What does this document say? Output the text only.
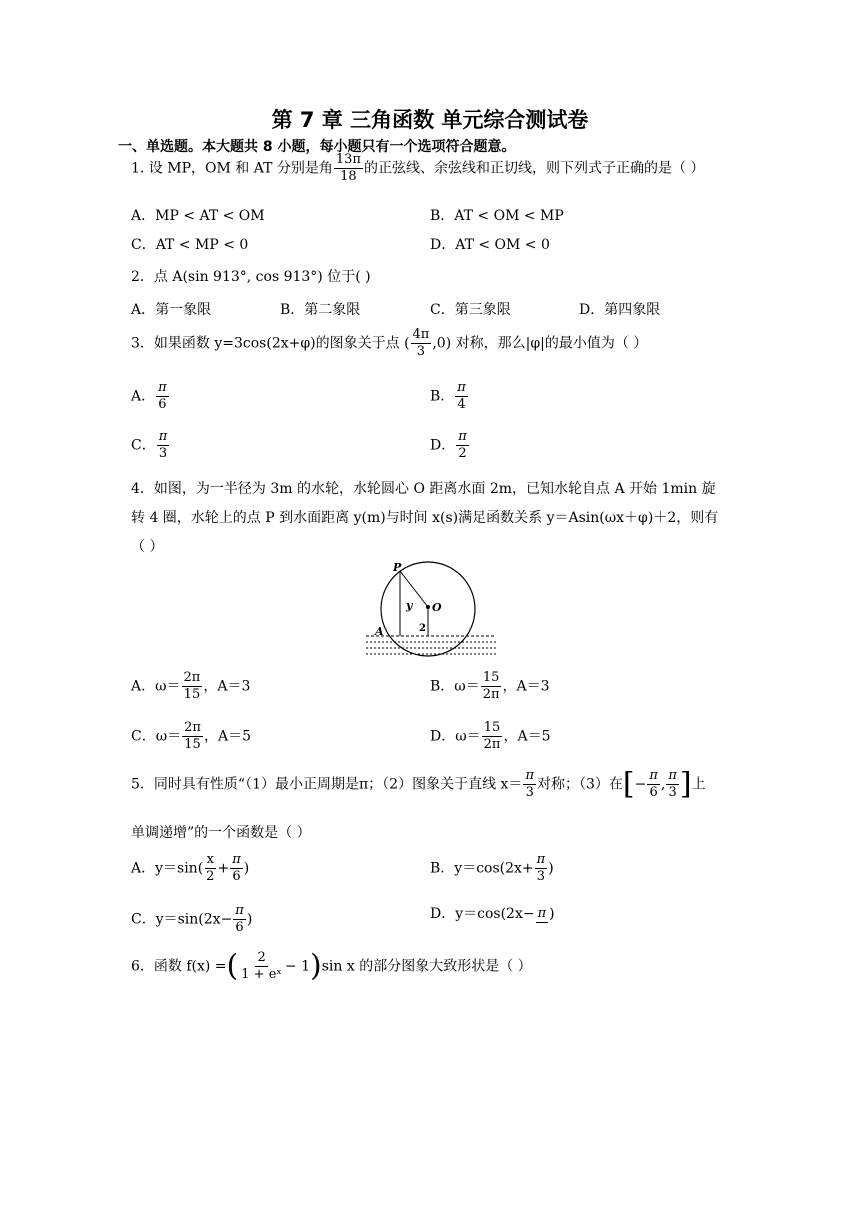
第 7 章 三角函数 单元综合测试卷
一、单选题。本大题共 8 小题，每小题只有一个选项符合题意。
1. 设 MP，OM 和 AT 分别是角 $\frac{13\pi}{18}$ 的正弦线、余弦线和正切线，则下列式子正确的是（ ）
A．MP < AT < OM	B．AT < OM < MP
C．AT < MP < 0	D．AT < OM < 0
2．点 A(sin 913°, cos 913°) 位于( )
A．第一象限	B．第二象限	C．第三象限	D．第四象限
3．如果函数 y=3cos(2x+φ)的图象关于点 ( $\frac{4\pi}{3} ,0$) 对称，那么|φ|的最小值为（ ）
A． $\frac{\pi}{6}$	B． $\frac{\pi}{4}$
C． $\frac{\pi}{3}$	D． $\frac{\pi}{2}$
4．如图，为一半径为 3m 的水轮，水轮圆心 O 距离水面 2m，已知水轮自点 A 开始 1min 旋
转 4 圈，水轮上的点 P 到水面距离 y(m)与时间 x(s)满足函数关系 y＝Asin(ωx＋φ)＋2，则有
（ ）
P
O
A
y
2
A．$\omega= \frac{2\pi}{15}$ ，A＝3	B．$\omega= \frac{15}{2\pi}$ ，A＝3
C．$\omega= \frac{2\pi}{15}$ ，A＝5	D．$\omega= \frac{15}{2\pi}$ ，A＝5
5．同时具有性质“（1）最小正周期是π；（2）图象关于直线 $x= \frac{\pi}{3}$ 对称；（3）在[− $\frac{\pi}{6}$ , $\frac{\pi}{3}$ ]上
单调递增”的一个函数是（ ）
A．$y=\sin( \frac{x}{2} + \frac{\pi}{6}$ )	B．$y=\cos(2x+ \frac{\pi}{3}$ )
C．$y=\sin(2x- \frac{\pi}{6}$ )	D．y＝cos(2x− π )
6．函数 f(x) =( $\frac{2}{\text{1 + eˣ}} - 1)\sin$ x 的部分图象大致形状是（ ）
